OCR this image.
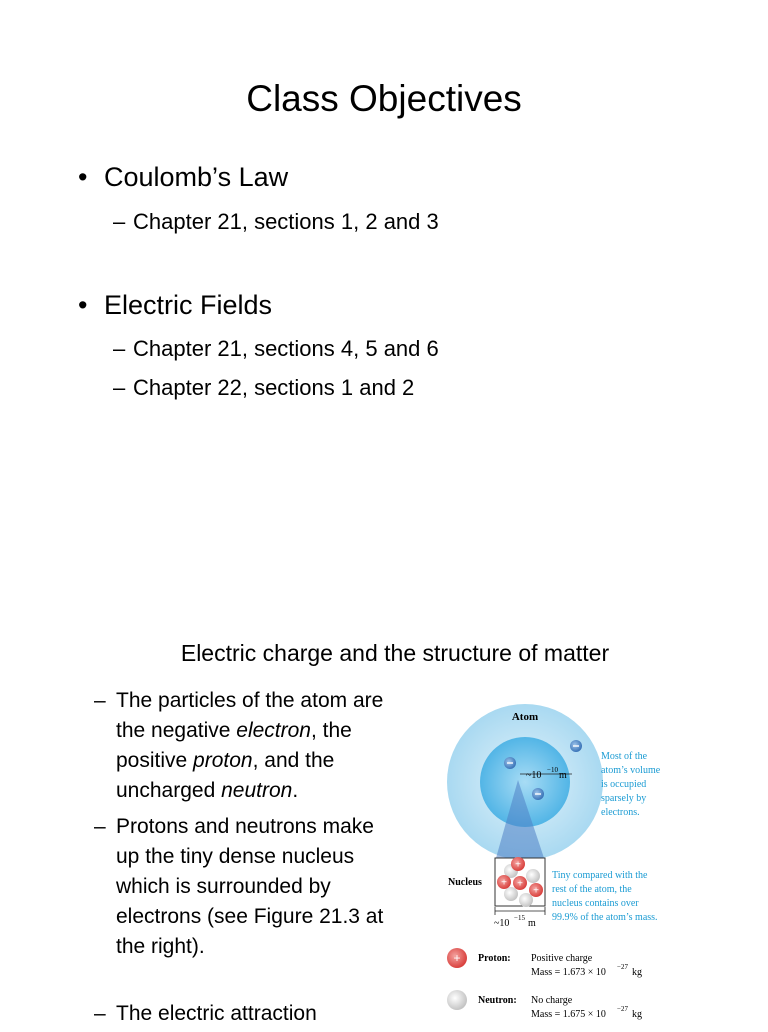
Class Objectives
• Coulomb’s Law
– Chapter 21, sections 1, 2 and 3
• Electric Fields
– Chapter 21, sections 4, 5 and 6
– Chapter 22, sections 1 and 2
Electric charge and the structure of matter
– The particles of the atom are the negative electron, the positive proton, and the uncharged neutron.
– Protons and neutrons make up the tiny dense nucleus which is surrounded by electrons (see Figure 21.3 at the right).
– The electric attraction
Atom
~10 −10 m
Most of the
atom’s volume
is occupied
sparsely by
electrons.
+
+ +
+
Nucleus
~10 −15 m
Tiny compared with the
rest of the atom, the
nucleus contains over
99.9% of the atom’s mass.
+ Proton: Positive charge
Mass = 1.673 × 10 −27 kg
Neutron: No charge
Mass = 1.675 × 10 −27 kg
